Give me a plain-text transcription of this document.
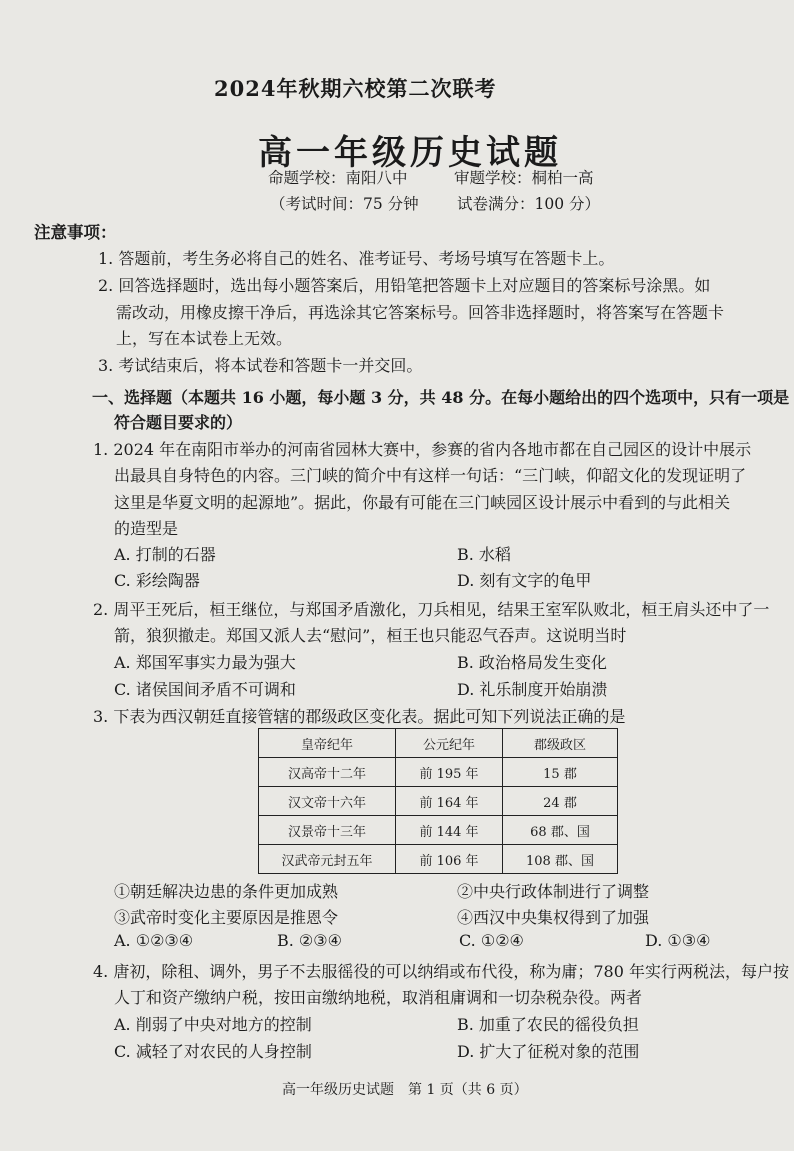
2024年秋期六校第二次联考
高一年级历史试题
命题学校：南阳八中	审题学校：桐柏一高
（考试时间：75 分钟 试卷满分：100 分）
注意事项：
1. 答题前，考生务必将自己的姓名、准考证号、考场号填写在答题卡上。
2. 回答选择题时，选出每小题答案后，用铅笔把答题卡上对应题目的答案标号涂黑。如
需改动，用橡皮擦干净后，再选涂其它答案标号。回答非选择题时，将答案写在答题卡
上，写在本试卷上无效。
3. 考试结束后，将本试卷和答题卡一并交回。
一、选择题（本题共 16 小题，每小题 3 分，共 48 分。在每小题给出的四个选项中，只有一项是
符合题目要求的）
1. 2024 年在南阳市举办的河南省园林大赛中，参赛的省内各地市都在自己园区的设计中展示
出最具自身特色的内容。三门峡的简介中有这样一句话：“三门峡，仰韶文化的发现证明了
这里是华夏文明的起源地”。据此，你最有可能在三门峡园区设计展示中看到的与此相关
的造型是
A. 打制的石器	B. 水稻
C. 彩绘陶器	D. 刻有文字的龟甲
2. 周平王死后，桓王继位，与郑国矛盾激化，刀兵相见，结果王室军队败北，桓王肩头还中了一
箭，狼狈撤走。郑国又派人去“慰问”，桓王也只能忍气吞声。这说明当时
A. 郑国军事实力最为强大	B. 政治格局发生变化
C. 诸侯国间矛盾不可调和	D. 礼乐制度开始崩溃
3. 下表为西汉朝廷直接管辖的郡级政区变化表。据此可知下列说法正确的是
皇帝纪年	公元纪年	郡级政区
汉高帝十二年	前 195 年	15 郡
汉文帝十六年	前 164 年	24 郡
汉景帝十三年	前 144 年	68 郡、国
汉武帝元封五年	前 106 年	108 郡、国
①朝廷解决边患的条件更加成熟	②中央行政体制进行了调整
③武帝时变化主要原因是推恩令	④西汉中央集权得到了加强
A. ①②③④	B. ②③④	C. ①②④	D. ①③④
4. 唐初，除租、调外，男子不去服徭役的可以纳绢或布代役，称为庸；780 年实行两税法，每户按
人丁和资产缴纳户税，按田亩缴纳地税，取消租庸调和一切杂税杂役。两者
A. 削弱了中央对地方的控制	B. 加重了农民的徭役负担
C. 减轻了对农民的人身控制	D. 扩大了征税对象的范围
高一年级历史试题　第 1 页（共 6 页）
